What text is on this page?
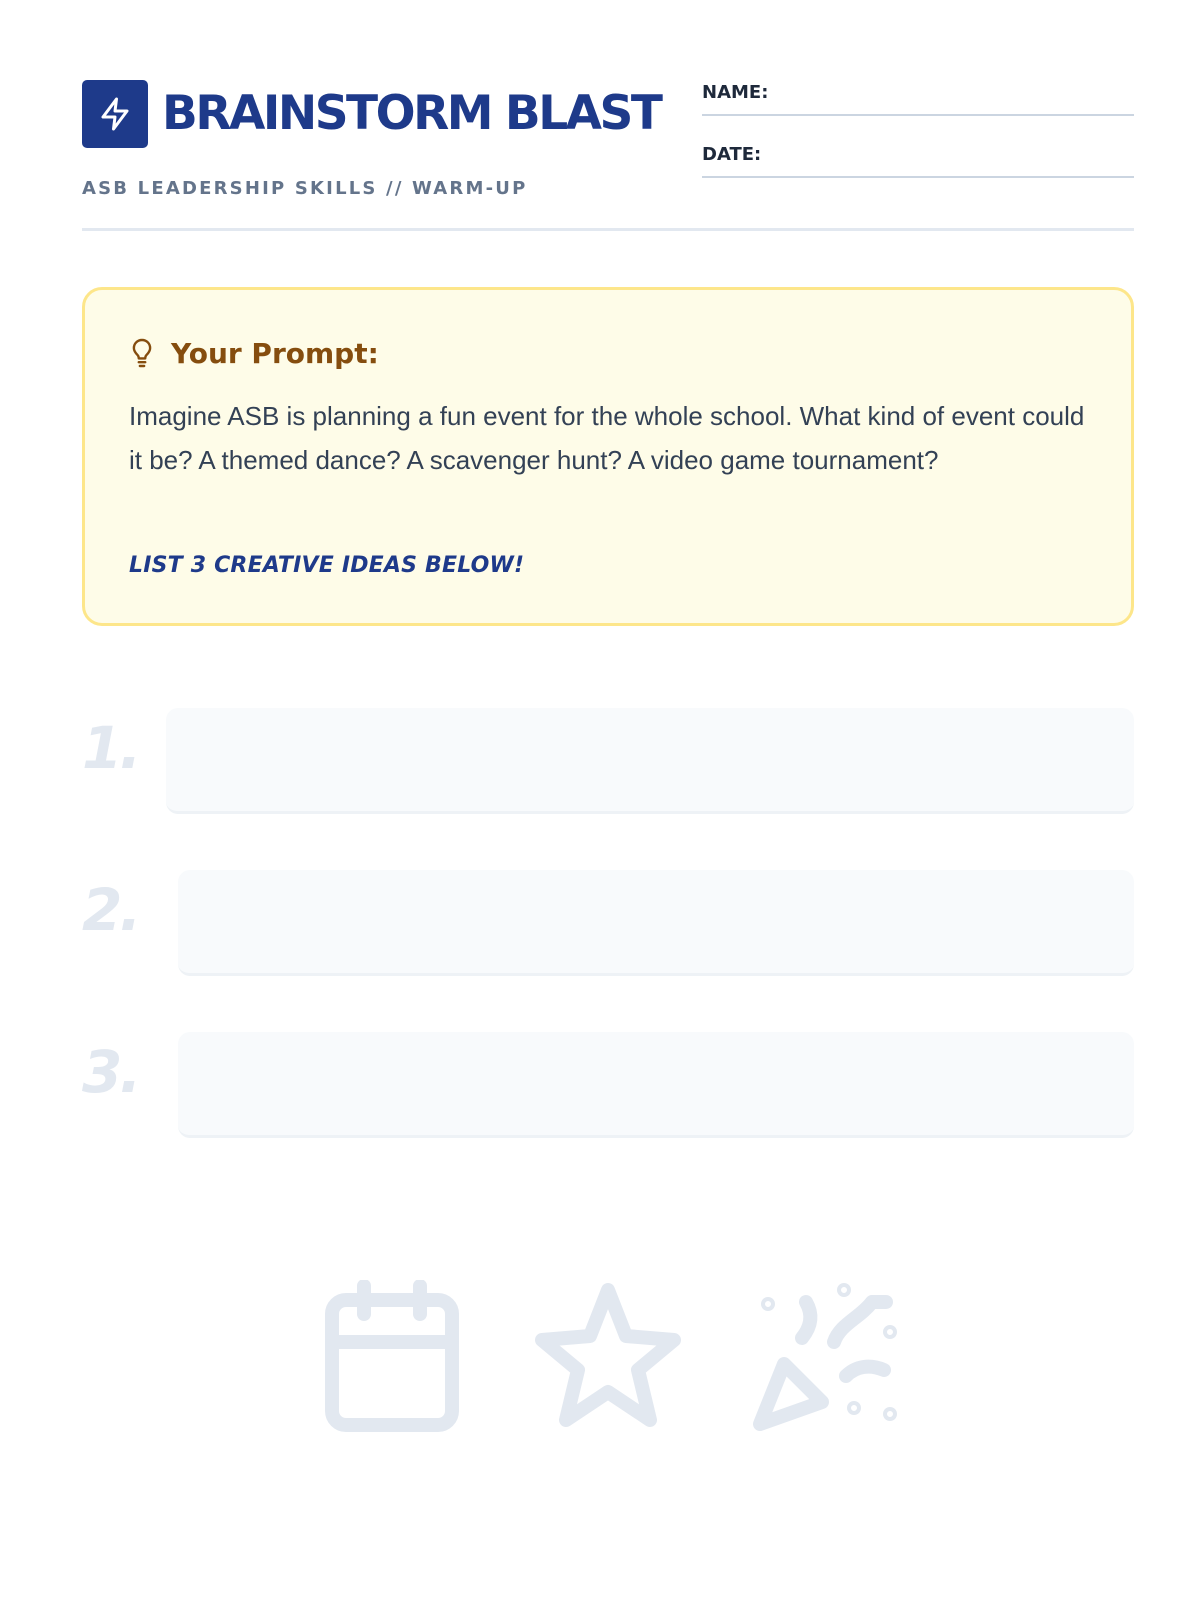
BRAINSTORM BLAST
ASB LEADERSHIP SKILLS // WARM-UP
NAME:
DATE:
Your Prompt:

Imagine ASB is planning a fun event for the whole school. What kind of event could it be? A themed dance? A scavenger hunt? A video game tournament?

LIST 3 CREATIVE IDEAS BELOW!
1.
2.
3.
